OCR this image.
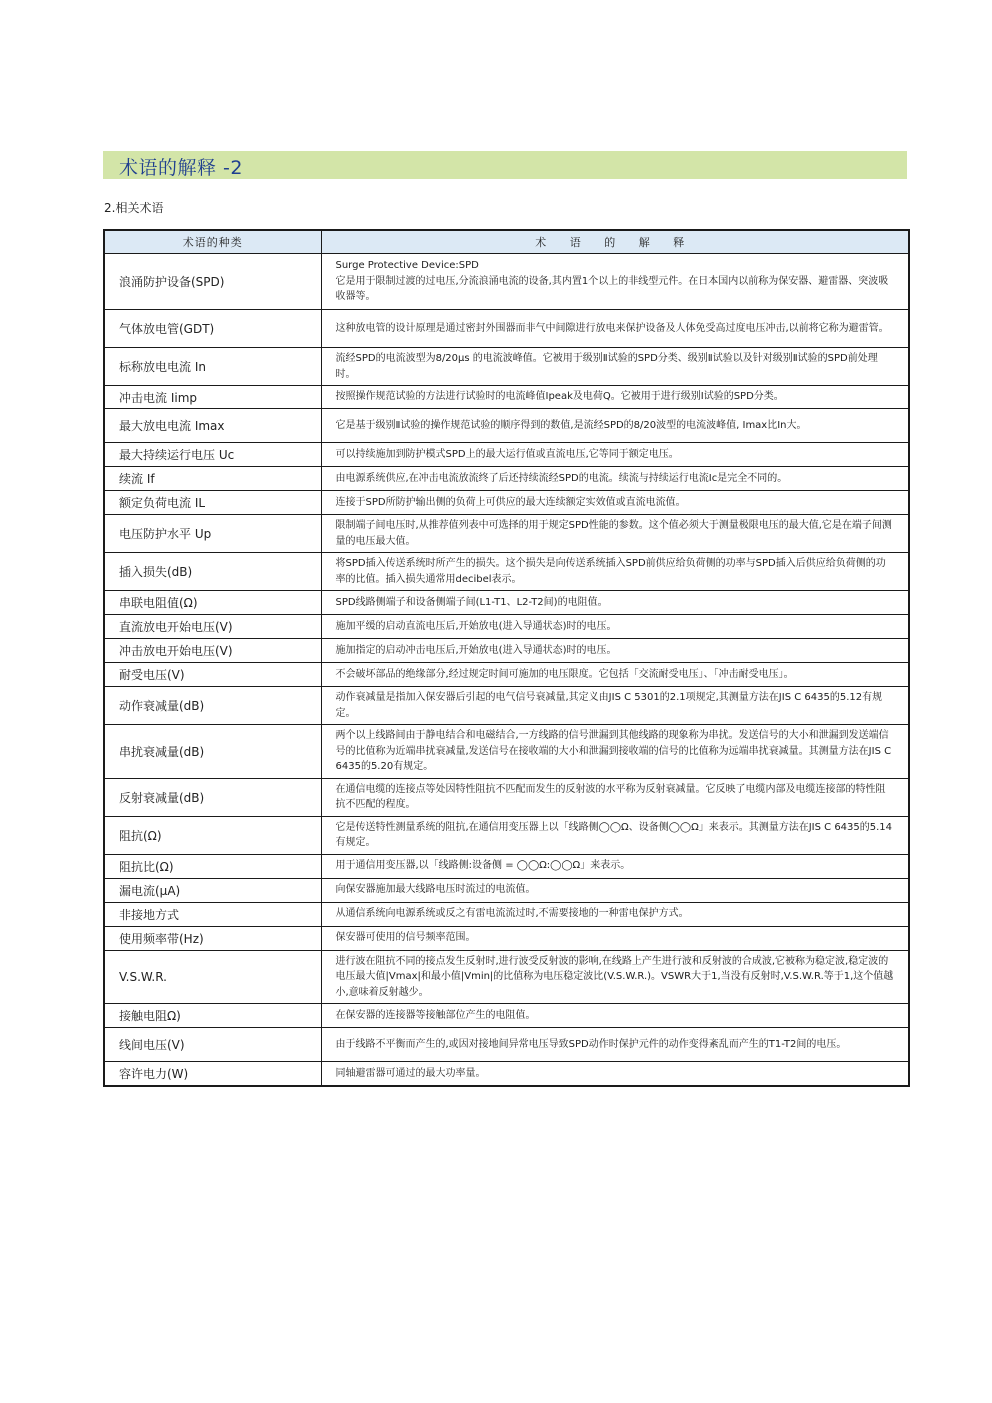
术语的解释 -2
2.相关术语
术语的种类	术 语 的 解 释
浪涌防护设备(SPD)	Surge Protective Device:SPD
它是用于限制过渡的过电压,分流浪涌电流的设备,其内置1个以上的非线型元件。在日本国内以前称为保安器、避雷器、突波吸收器等。
气体放电管(GDT)	这种放电管的设计原理是通过密封外围器而非气中间隙进行放电来保护设备及人体免受高过度电压冲击,以前将它称为避雷管。
标称放电电流 In	流经SPD的电流波型为8/20μs 的电流波峰值。它被用于级别Ⅱ试验的SPD分类、级别Ⅱ试验以及针对级别Ⅱ试验的SPD前处理时。
冲击电流 Iimp	按照操作规范试验的方法进行试验时的电流峰值Ipeak及电荷Q。它被用于进行级别Ⅰ试验的SPD分类。
最大放电电流 Imax	它是基于级别Ⅱ试验的操作规范试验的顺序得到的数值,是流经SPD的8/20波型的电流波峰值, Imax比In大。
最大持续运行电压 Uc	可以持续施加到防护模式SPD上的最大运行值或直流电压,它等同于额定电压。
续流 If	由电源系统供应,在冲击电流放流终了后还持续流经SPD的电流。续流与持续运行电流Ic是完全不同的。
额定负荷电流 IL	连接于SPD所防护输出侧的负荷上可供应的最大连续额定实效值或直流电流值。
电压防护水平 Up	限制端子间电压时,从推荐值列表中可选择的用于规定SPD性能的参数。这个值必须大于测量极限电压的最大值,它是在端子间测量的电压最大值。
插入损失(dB)	将SPD插入传送系统时所产生的损失。这个损失是向传送系统插入SPD前供应给负荷侧的功率与SPD插入后供应给负荷侧的功率的比值。插入损失通常用decibel表示。
串联电阻值(Ω)	SPD线路侧端子和设备侧端子间(L1-T1、L2-T2间)的电阻值。
直流放电开始电压(V)	施加平缓的启动直流电压后,开始放电(进入导通状态)时的电压。
冲击放电开始电压(V)	施加指定的启动冲击电压后,开始放电(进入导通状态)时的电压。
耐受电压(V)	不会破坏部品的绝缘部分,经过规定时间可施加的电压限度。它包括「交流耐受电压」、「冲击耐受电压」。
动作衰减量(dB)	动作衰减量是指加入保安器后引起的电气信号衰减量,其定义由JIS C 5301的2.1项规定,其测量方法在JIS C 6435的5.12有规定。
串扰衰减量(dB)	两个以上线路间由于静电结合和电磁结合,一方线路的信号泄漏到其他线路的现象称为串扰。发送信号的大小和泄漏到发送端信号的比值称为近端串扰衰减量,发送信号在接收端的大小和泄漏到接收端的信号的比值称为远端串扰衰减量。其测量方法在JIS C 6435的5.20有规定。
反射衰减量(dB)	在通信电缆的连接点等处因特性阻抗不匹配而发生的反射波的水平称为反射衰减量。它反映了电缆内部及电缆连接部的特性阻抗不匹配的程度。
阻抗(Ω)	它是传送特性测量系统的阻抗,在通信用变压器上以「线路侧◯◯Ω、设备侧◯◯Ω」来表示。其测量方法在JIS C 6435的5.14有规定。
阻抗比(Ω)	用于通信用变压器,以「线路侧:设备侧 = ◯◯Ω:◯◯Ω」来表示。
漏电流(μA)	向保安器施加最大线路电压时流过的电流值。
非接地方式	从通信系统向电源系统或反之有雷电流流过时,不需要接地的一种雷电保护方式。
使用频率带(Hz)	保安器可使用的信号频率范围。
V.S.W.R.	进行波在阻抗不同的接点发生反射时,进行波受反射波的影响,在线路上产生进行波和反射波的合成波,它被称为稳定波,稳定波的电压最大值|Vmax|和最小值|Vmin|的比值称为电压稳定波比(V.S.W.R.)。VSWR大于1,当没有反射时,V.S.W.R.等于1,这个值越小,意味着反射越少。
接触电阻Ω)	在保安器的连接器等接触部位产生的电阻值。
线间电压(V)	由于线路不平衡而产生的,或因对接地间异常电压导致SPD动作时保护元件的动作变得紊乱而产生的T1-T2间的电压。
容许电力(W)	同轴避雷器可通过的最大功率量。
